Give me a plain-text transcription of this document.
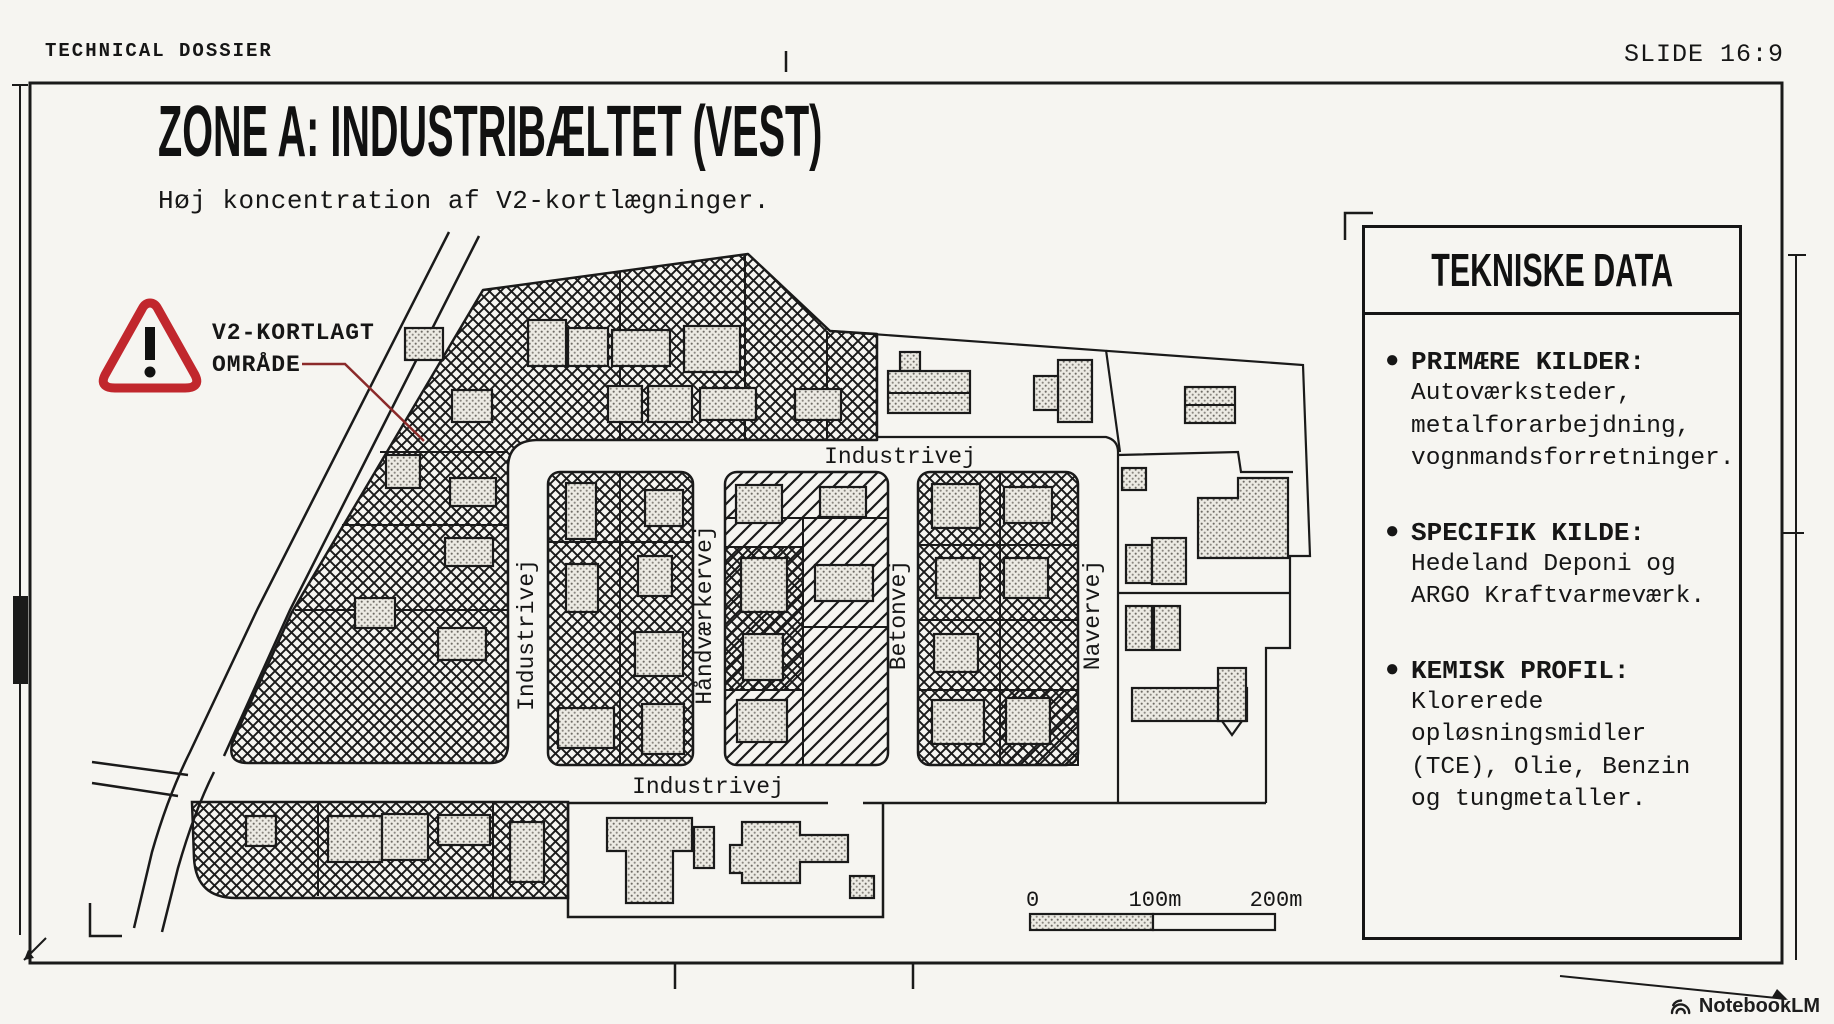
Industrivej
Industrivej
Industrivej	Håndværkervej	Betonvej	Navervej
0	100m	200m
TECHNICAL DOSSIER	SLIDE 16:9
ZONE A: INDUSTRIBÆLTET (VEST)
Høj koncentration af V2-kortlægninger.
V2-KORTLAGT
OMRÅDE
TEKNISKE DATA
● PRIMÆRE KILDER:
Autoværksteder,
metalforarbejdning,
vognmandsforretninger.
● SPECIFIK KILDE:
Hedeland Deponi og
ARGO Kraftvarmeværk.
● KEMISK PROFIL:
Klorerede
opløsningsmidler
(TCE), Olie, Benzin
og tungmetaller.
NotebookLM
